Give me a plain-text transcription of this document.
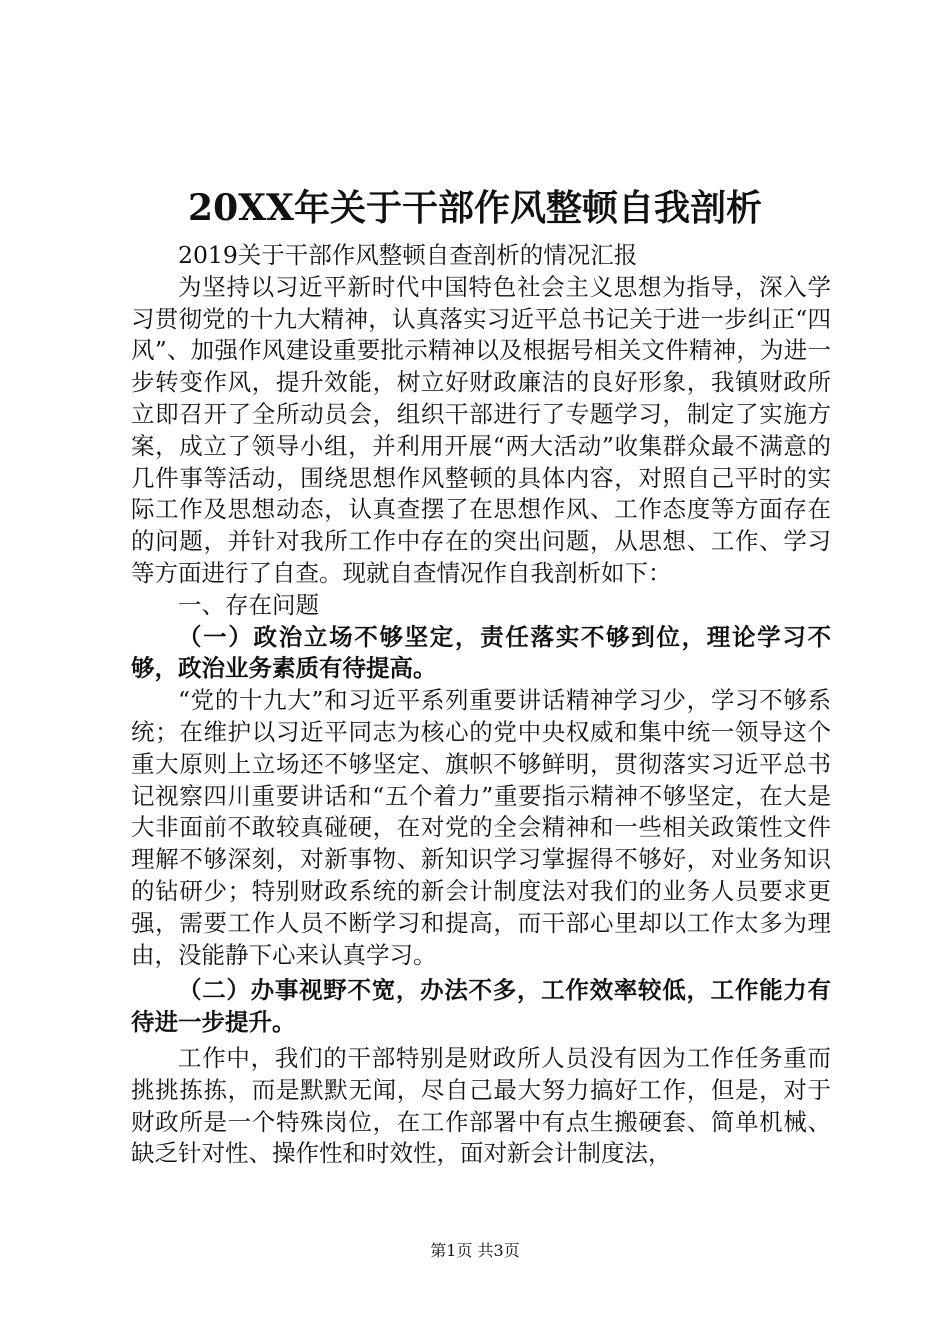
20XX年关于干部作风整顿自我剖析

2019关于干部作风整顿自查剖析的情况汇报

为坚持以习近平新时代中国特色社会主义思想为指导，深入学习贯彻党的十九大精神，认真落实习近平总书记关于进一步纠正“四风”、加强作风建设重要批示精神以及根据号相关文件精神，为进一步转变作风，提升效能，树立好财政廉洁的良好形象，我镇财政所立即召开了全所动员会，组织干部进行了专题学习，制定了实施方案，成立了领导小组，并利用开展“两大活动”收集群众最不满意的几件事等活动，围绕思想作风整顿的具体内容，对照自己平时的实际工作及思想动态，认真查摆了在思想作风、工作态度等方面存在的问题，并针对我所工作中存在的突出问题，从思想、工作、学习等方面进行了自查。现就自查情况作自我剖析如下：

一、存在问题

（一）政治立场不够坚定，责任落实不够到位，理论学习不够，政治业务素质有待提高。

“党的十九大”和习近平系列重要讲话精神学习少，学习不够系统；在维护以习近平同志为核心的党中央权威和集中统一领导这个重大原则上立场还不够坚定、旗帜不够鲜明，贯彻落实习近平总书记视察四川重要讲话和“五个着力”重要指示精神不够坚定，在大是大非面前不敢较真碰硬，在对党的全会精神和一些相关政策性文件理解不够深刻，对新事物、新知识学习掌握得不够好，对业务知识的钻研少；特别财政系统的新会计制度法对我们的业务人员要求更强，需要工作人员不断学习和提高，而干部心里却以工作太多为理由，没能静下心来认真学习。

（二）办事视野不宽，办法不多，工作效率较低，工作能力有待进一步提升。

工作中，我们的干部特别是财政所人员没有因为工作任务重而挑挑拣拣，而是默默无闻，尽自己最大努力搞好工作，但是，对于财政所是一个特殊岗位，在工作部署中有点生搬硬套、简单机械、缺乏针对性、操作性和时效性，面对新会计制度法，

第1页 共3页
